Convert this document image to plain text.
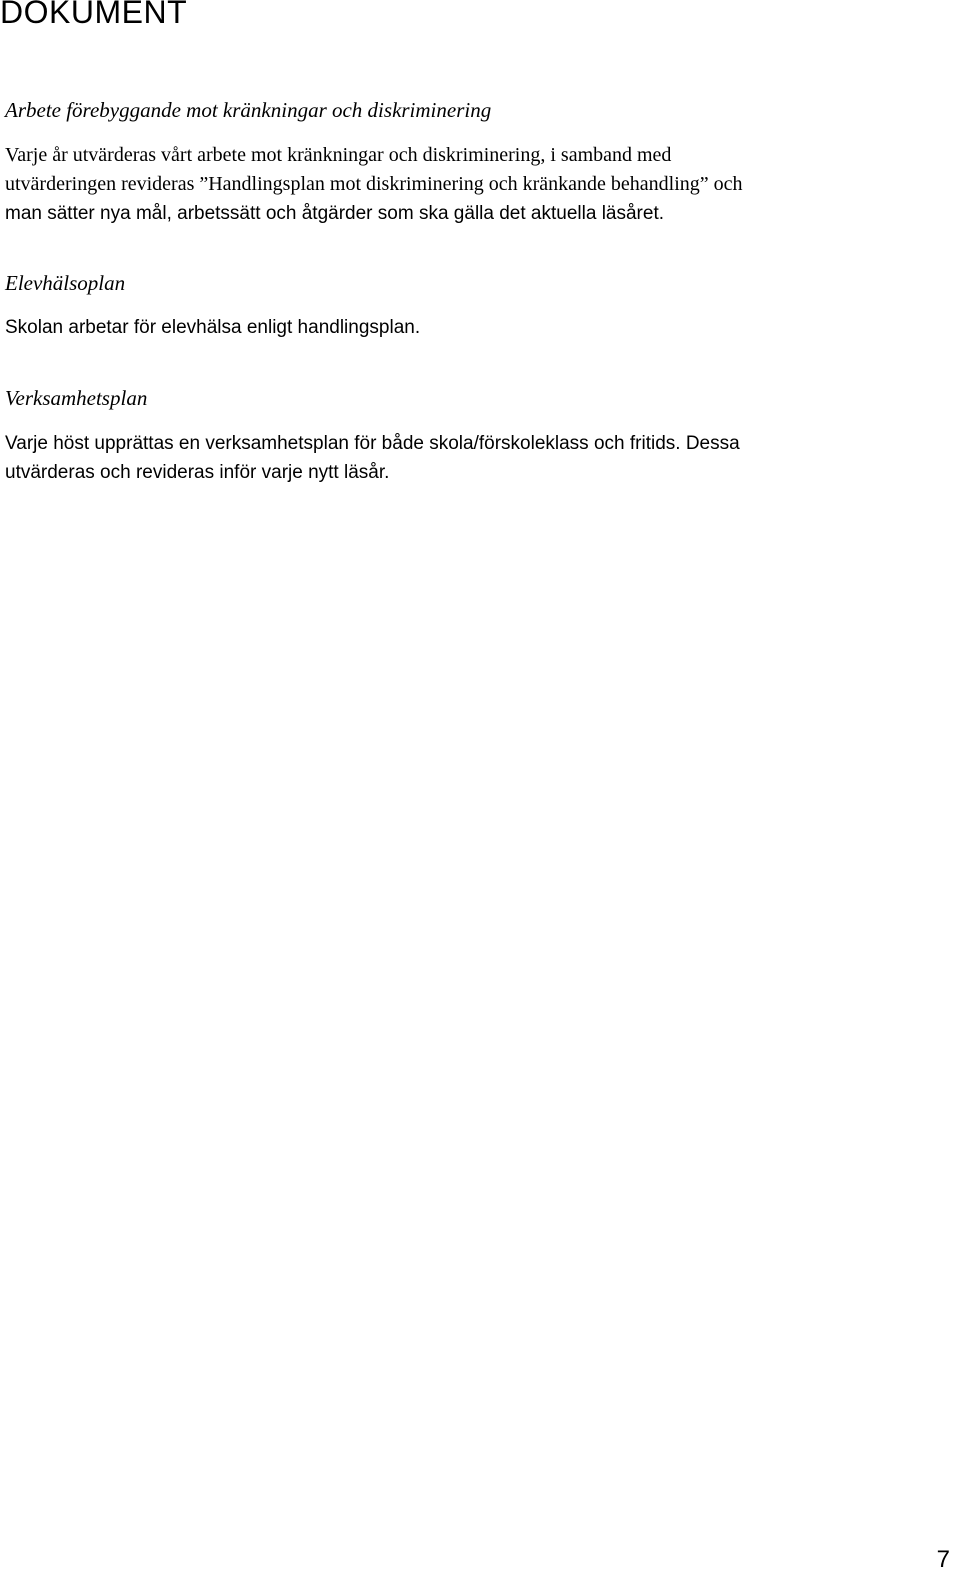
DOKUMENT
Arbete förebyggande mot kränkningar och diskriminering
Varje år utvärderas vårt arbete mot kränkningar och diskriminering, i samband med
utvärderingen revideras ”Handlingsplan mot diskriminering och kränkande behandling” och
man sätter nya mål, arbetssätt och åtgärder som ska gälla det aktuella läsåret.
Elevhälsoplan
Skolan arbetar för elevhälsa enligt handlingsplan.
Verksamhetsplan
Varje höst upprättas en verksamhetsplan för både skola/förskoleklass och fritids. Dessa
utvärderas och revideras inför varje nytt läsår.
7
